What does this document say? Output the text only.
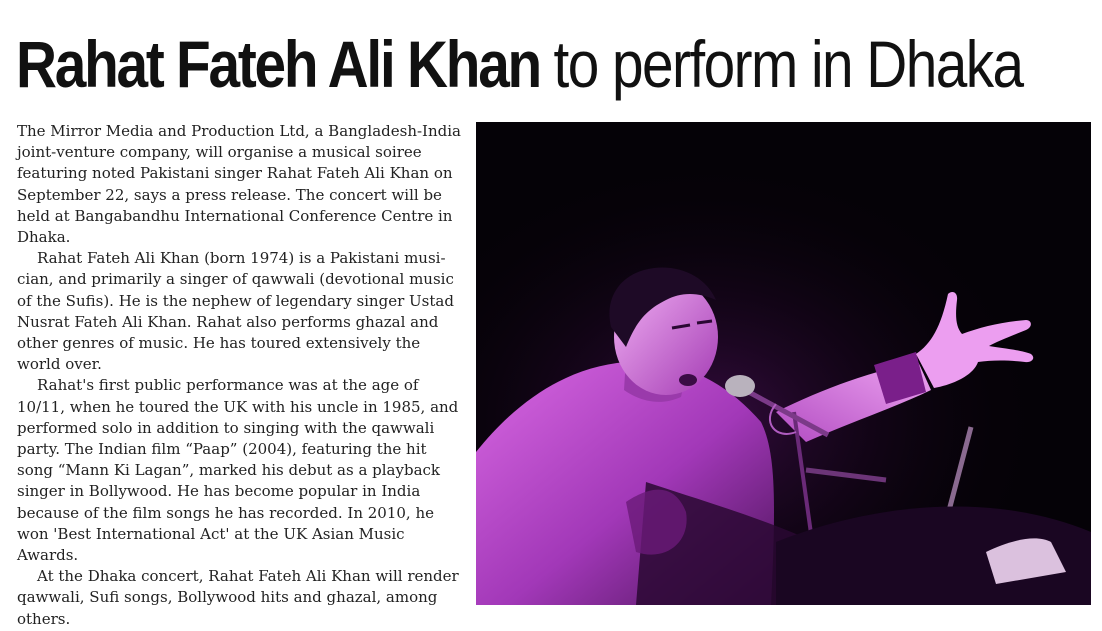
Rahat Fateh Ali Khan to perform in Dhaka

The Mirror Media and Production Ltd, a Bangladesh-India joint-venture company, will organise a musical soiree featuring noted Pakistani singer Rahat Fateh Ali Khan on September 22, says a press release. The concert will be held at Bangabandhu International Conference Centre in Dhaka.

Rahat Fateh Ali Khan (born 1974) is a Pakistani musician, and primarily a singer of qawwali (devotional music of the Sufis). He is the nephew of legendary singer Ustad Nusrat Fateh Ali Khan. Rahat also performs ghazal and other genres of music. He has toured extensively the world over.

Rahat's first public performance was at the age of 10/11, when he toured the UK with his uncle in 1985, and performed solo in addition to singing with the qawwali party. The Indian film “Paap” (2004), featuring the hit song “Mann Ki Lagan”, marked his debut as a playback singer in Bollywood. He has become popular in India because of the film songs he has recorded. In 2010, he won 'Best International Act' at the UK Asian Music Awards.

At the Dhaka concert, Rahat Fateh Ali Khan will render qawwali, Sufi songs, Bollywood hits and ghazal, among others.
